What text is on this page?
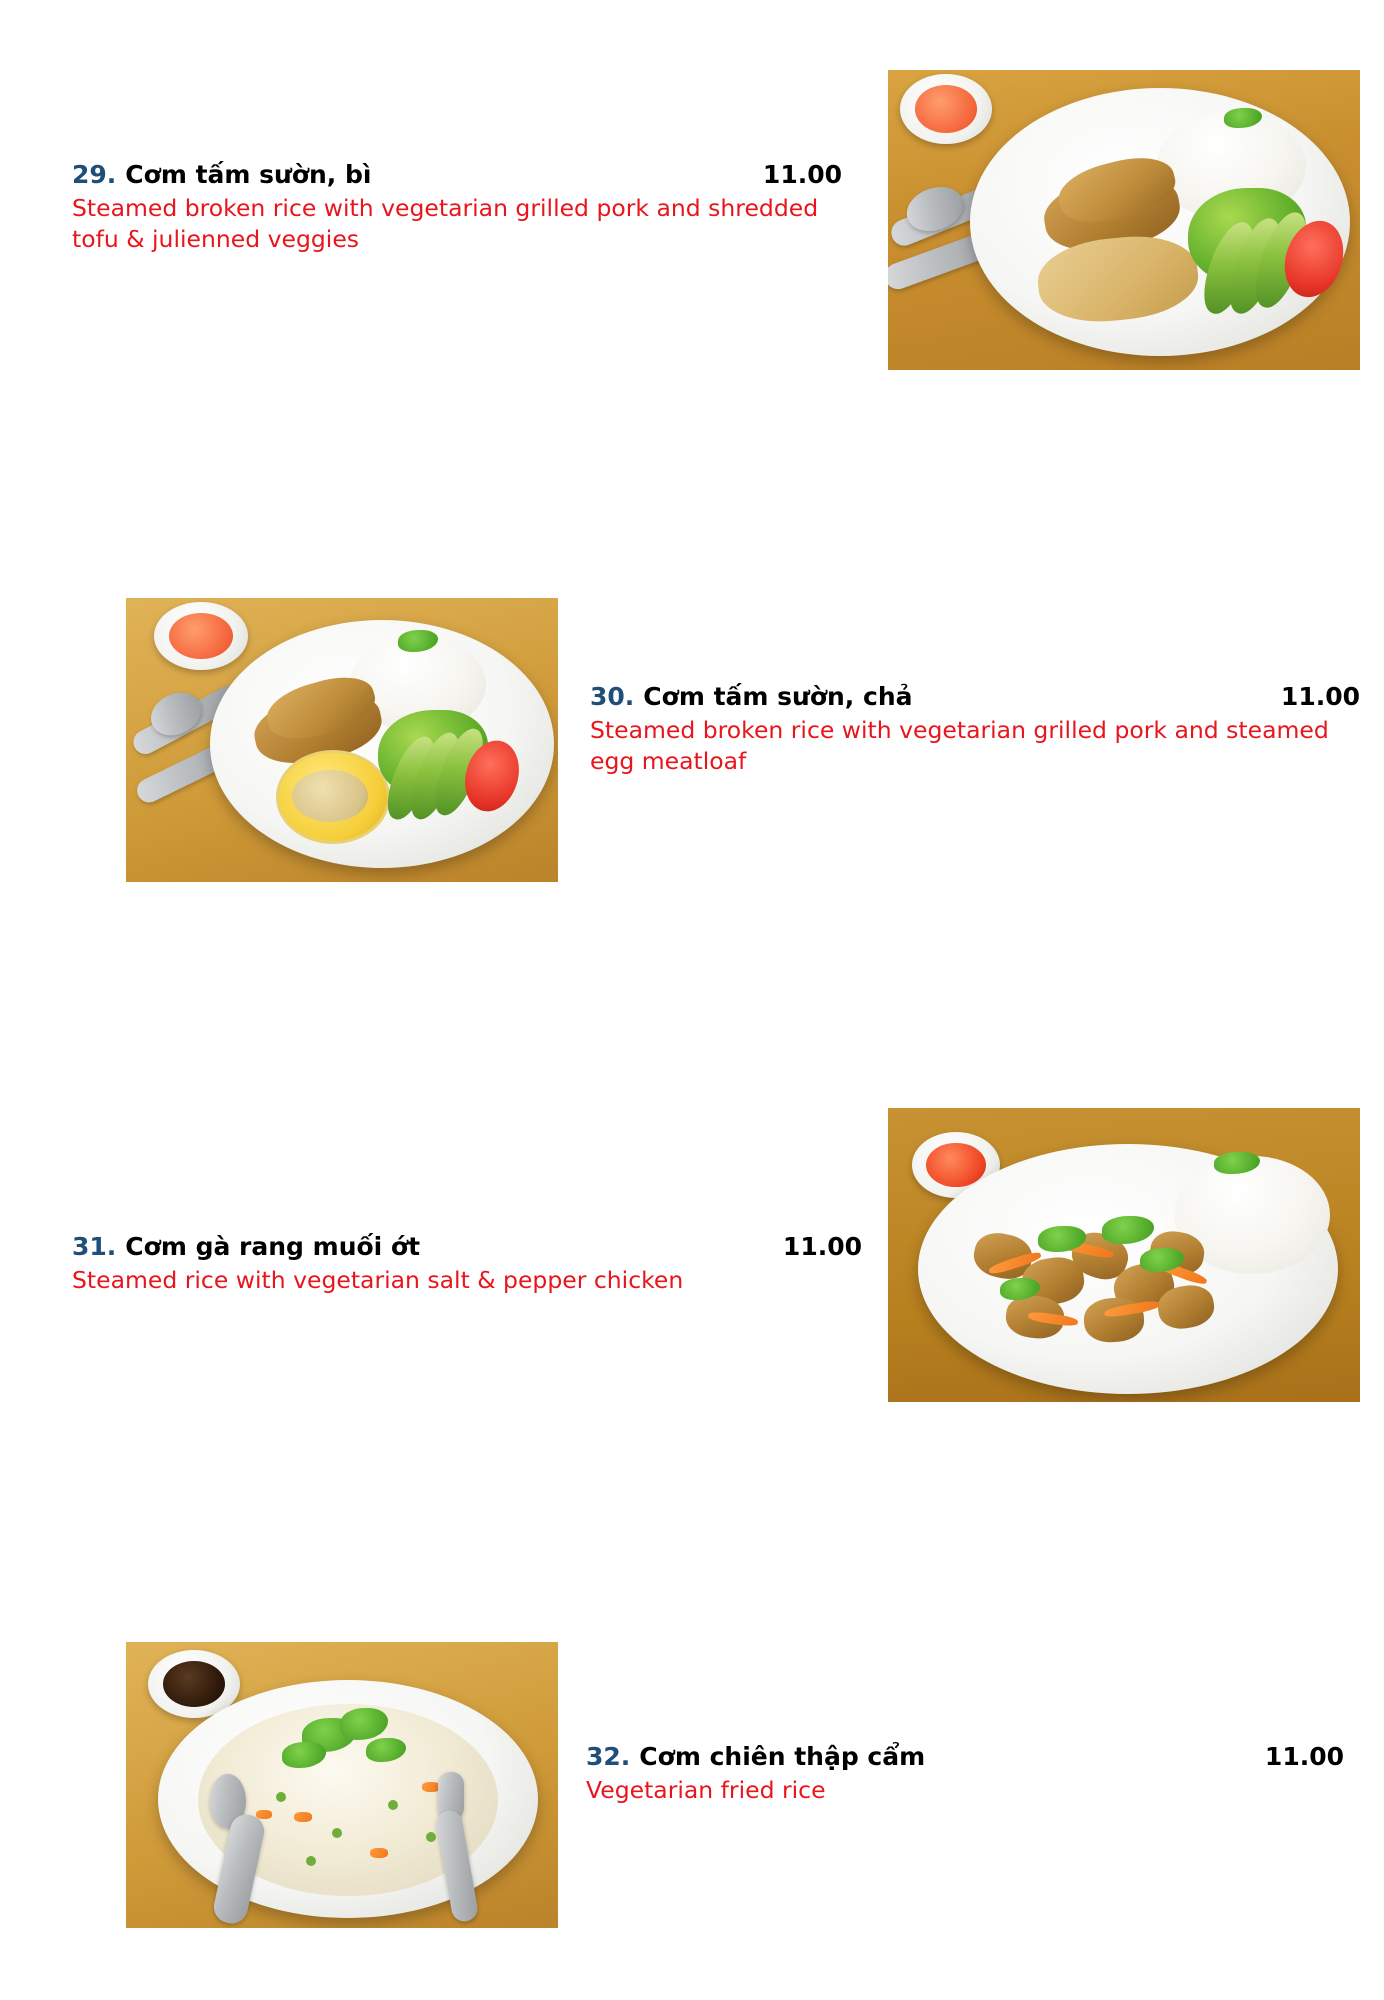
29. Cơm tấm sườn, bì	11.00
Steamed broken rice with vegetarian grilled pork and shredded tofu & julienned veggies
30. Cơm tấm sườn, chả	11.00
Steamed broken rice with vegetarian grilled pork and steamed egg meatloaf
31. Cơm gà rang muối ớt	11.00
Steamed rice with vegetarian salt & pepper chicken
32. Cơm chiên thập cẩm	11.00
Vegetarian fried rice
